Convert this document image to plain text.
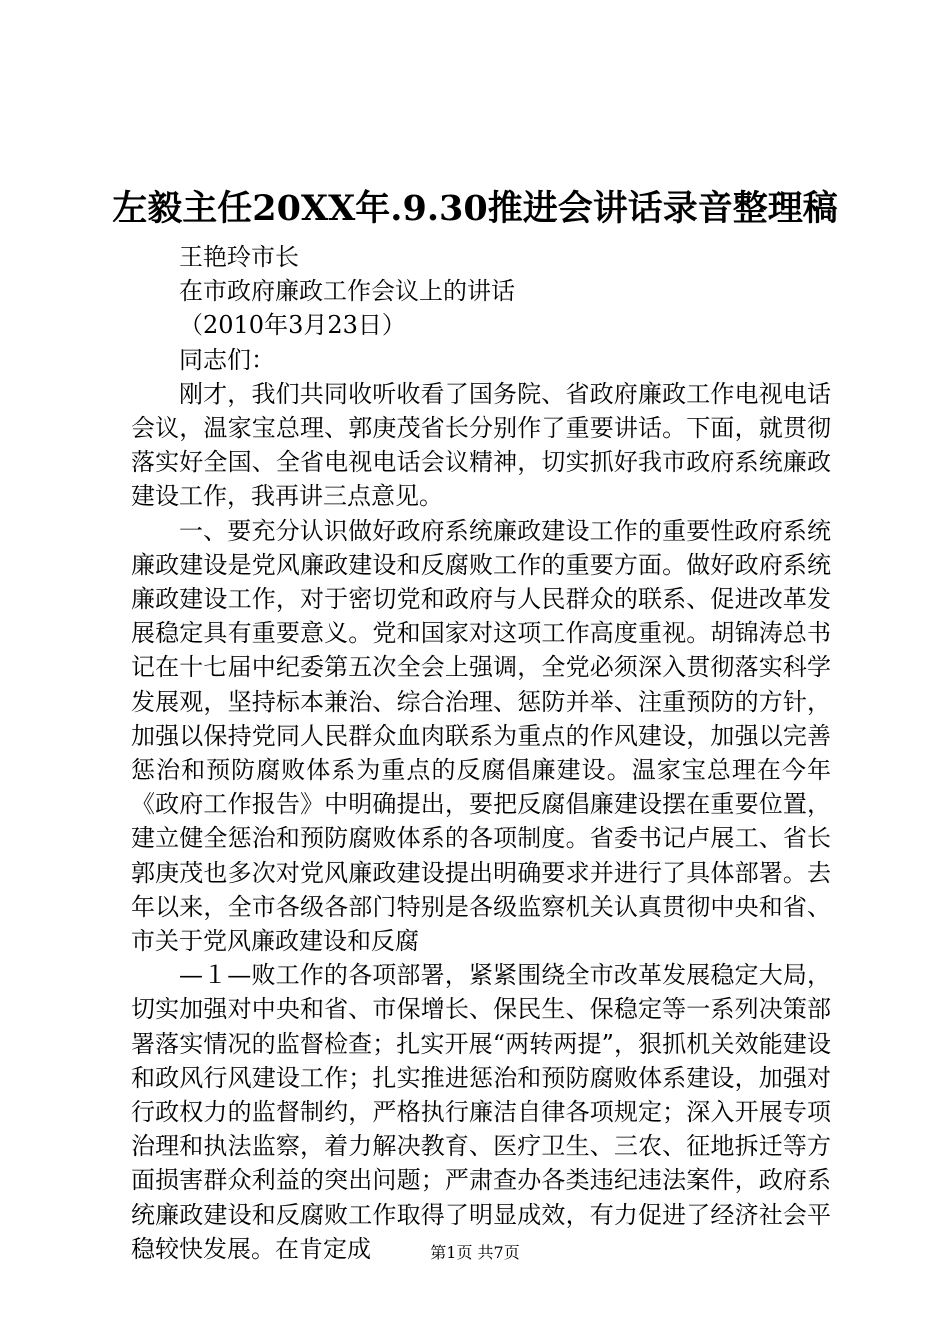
左毅主任20XX年.9.30推进会讲话录音整理稿

王艳玲市长

在市政府廉政工作会议上的讲话

（2010年3月23日）

同志们：

刚才，我们共同收听收看了国务院、省政府廉政工作电视电话会议，温家宝总理、郭庚茂省长分别作了重要讲话。下面，就贯彻落实好全国、全省电视电话会议精神，切实抓好我市政府系统廉政建设工作，我再讲三点意见。

一、要充分认识做好政府系统廉政建设工作的重要性政府系统廉政建设是党风廉政建设和反腐败工作的重要方面。做好政府系统廉政建设工作，对于密切党和政府与人民群众的联系、促进改革发展稳定具有重要意义。党和国家对这项工作高度重视。胡锦涛总书记在十七届中纪委第五次全会上强调，全党必须深入贯彻落实科学发展观，坚持标本兼治、综合治理、惩防并举、注重预防的方针，加强以保持党同人民群众血肉联系为重点的作风建设，加强以完善惩治和预防腐败体系为重点的反腐倡廉建设。温家宝总理在今年《政府工作报告》中明确提出，要把反腐倡廉建设摆在重要位置，建立健全惩治和预防腐败体系的各项制度。省委书记卢展工、省长郭庚茂也多次对党风廉政建设提出明确要求并进行了具体部署。去年以来，全市各级各部门特别是各级监察机关认真贯彻中央和省、市关于党风廉政建设和反腐

—１—败工作的各项部署，紧紧围绕全市改革发展稳定大局，切实加强对中央和省、市保增长、保民生、保稳定等一系列决策部署落实情况的监督检查；扎实开展“两转两提”，狠抓机关效能建设和政风行风建设工作；扎实推进惩治和预防腐败体系建设，加强对行政权力的监督制约，严格执行廉洁自律各项规定；深入开展专项治理和执法监察，着力解决教育、医疗卫生、三农、征地拆迁等方面损害群众利益的突出问题；严肃查办各类违纪违法案件，政府系统廉政建设和反腐败工作取得了明显成效，有力促进了经济社会平稳较快发展。在肯定成	第1页 共7页
